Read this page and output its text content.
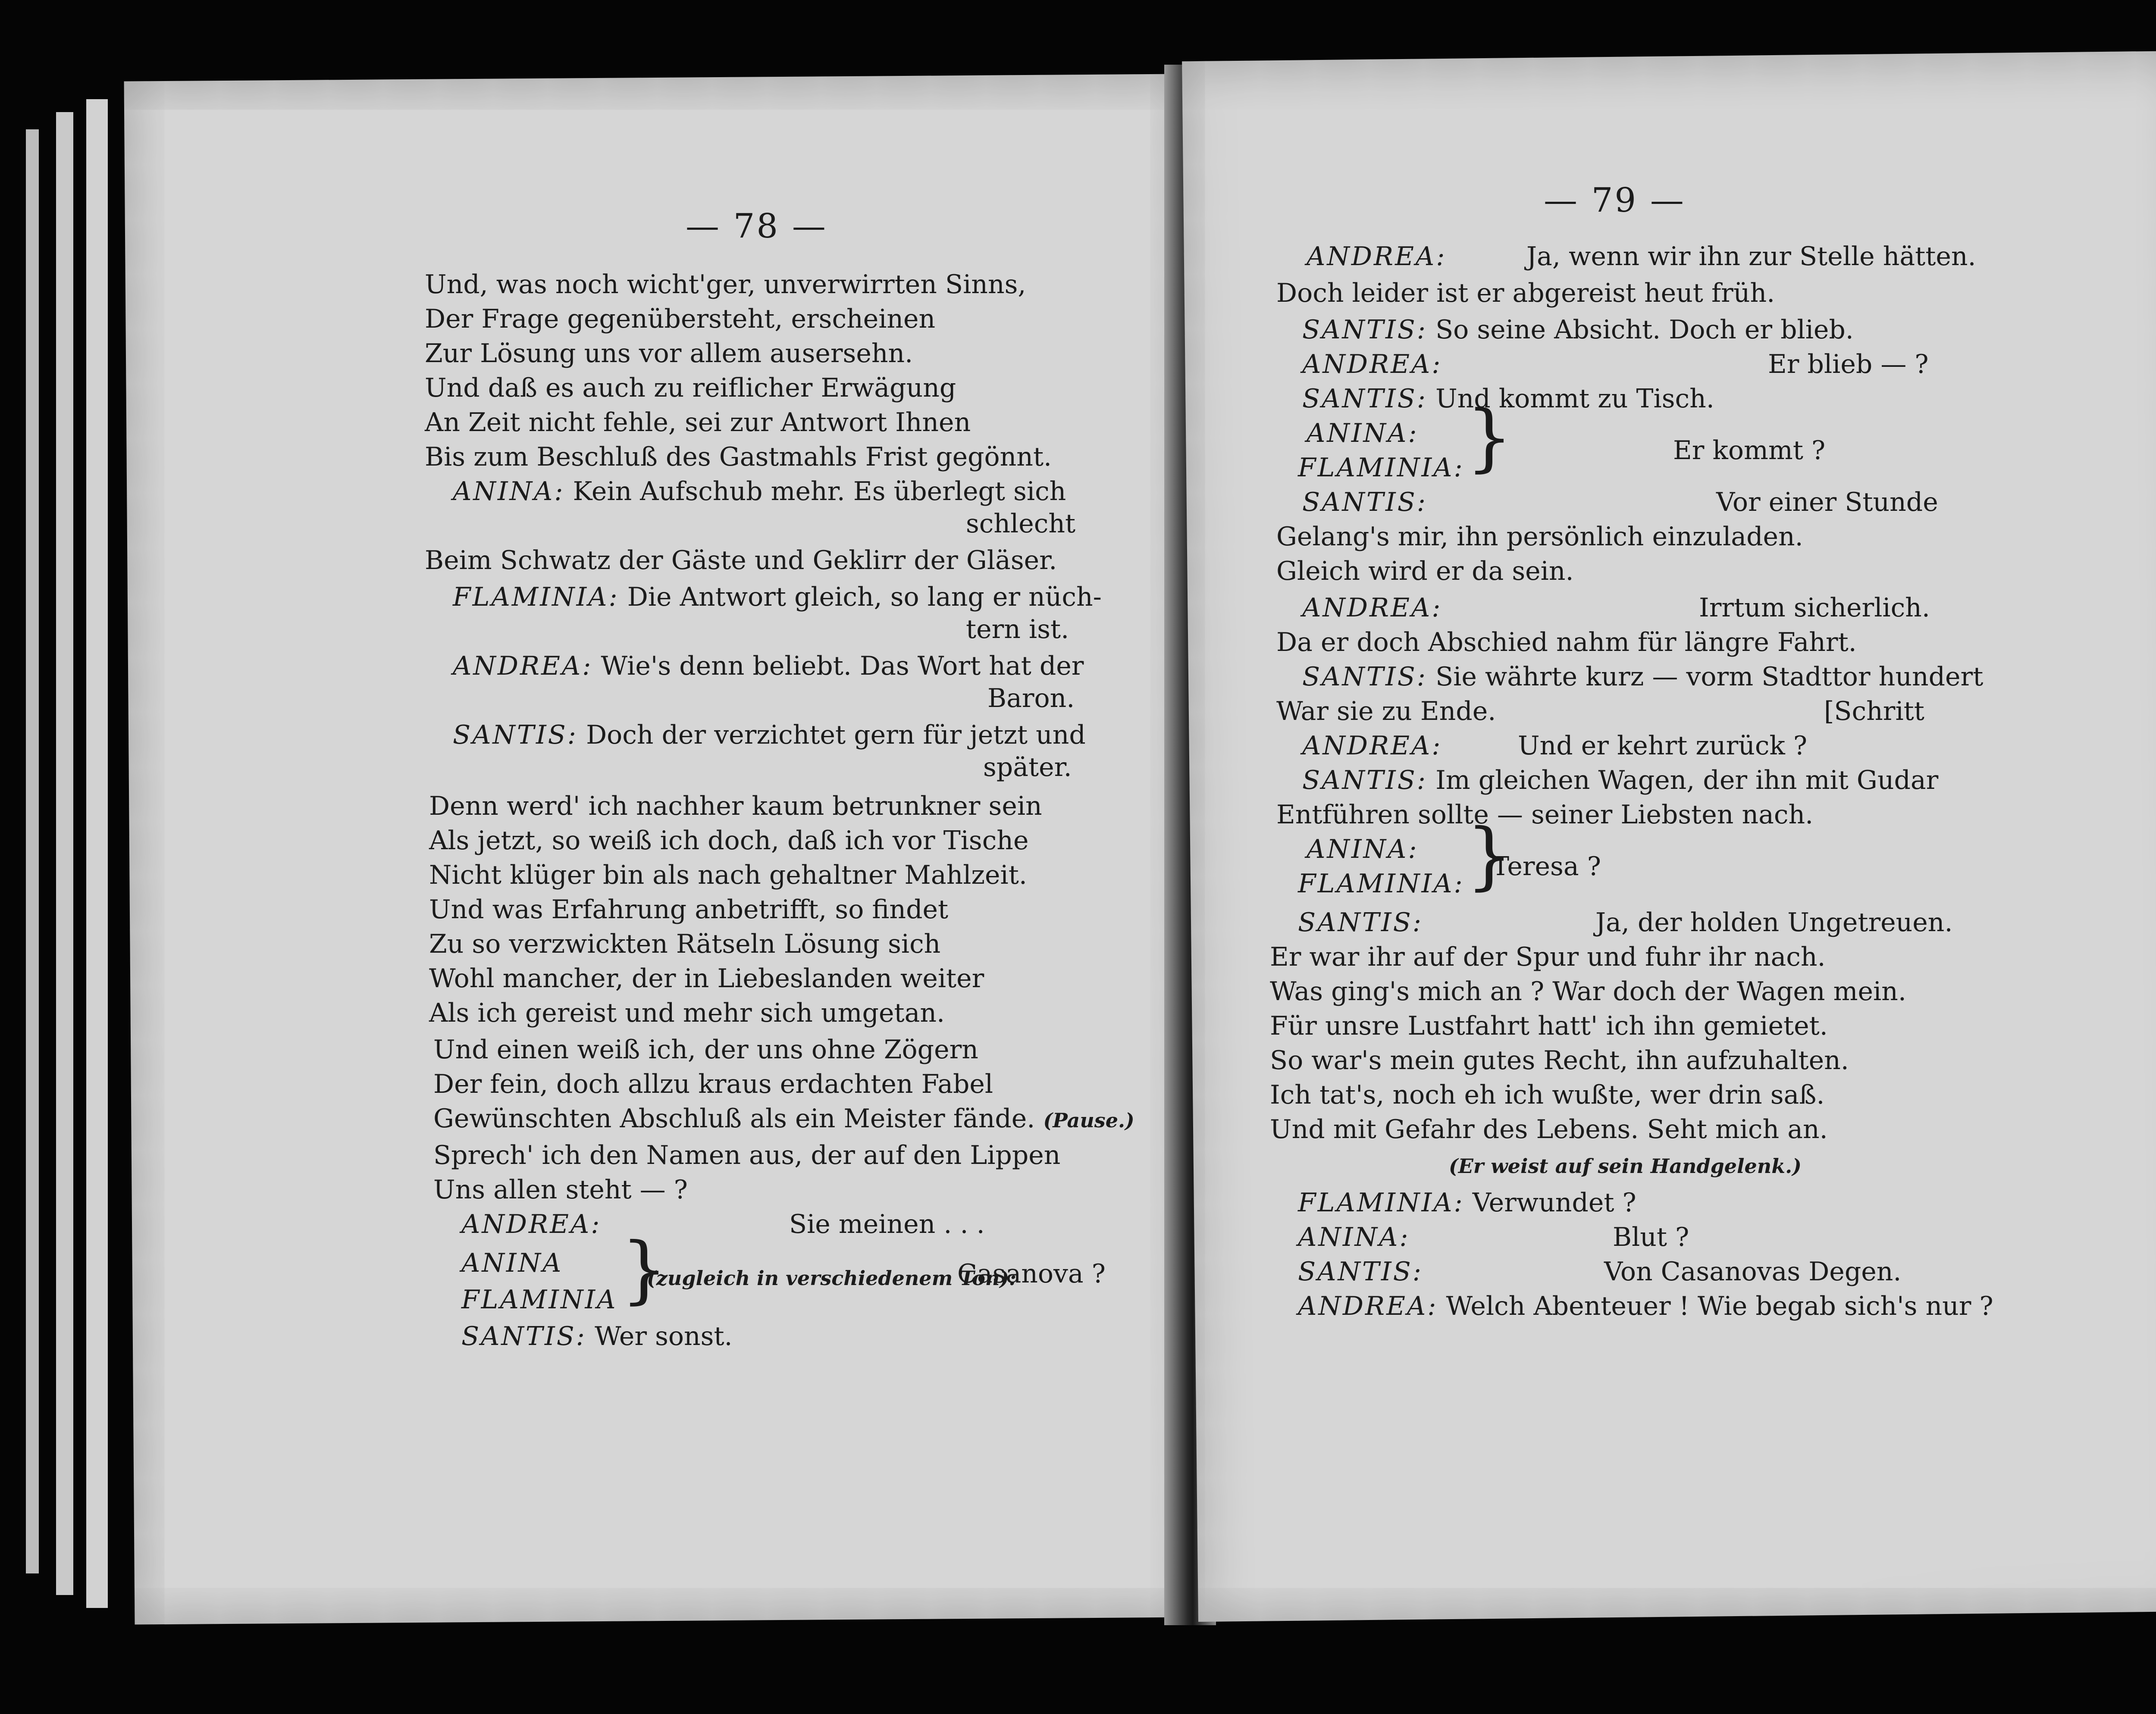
— 78 —
Und, was noch wicht'ger, unverwirrten Sinns,
Der Frage gegenübersteht, erscheinen
Zur Lösung uns vor allem ausersehn.
Und daß es auch zu reiflicher Erwägung
An Zeit nicht fehle, sei zur Antwort Ihnen
Bis zum Beschluß des Gastmahls Frist gegönnt.
ANINA: Kein Aufschub mehr. Es überlegt sich
schlecht
Beim Schwatz der Gäste und Geklirr der Gläser.
FLAMINIA: Die Antwort gleich, so lang er nüch-
tern ist.
ANDREA: Wie's denn beliebt. Das Wort hat der
Baron.
SANTIS: Doch der verzichtet gern für jetzt und
später.
Denn werd' ich nachher kaum betrunkner sein
Als jetzt, so weiß ich doch, daß ich vor Tische
Nicht klüger bin als nach gehaltner Mahlzeit.
Und was Erfahrung anbetrifft, so findet
Zu so verzwickten Rätseln Lösung sich
Wohl mancher, der in Liebeslanden weiter
Als ich gereist und mehr sich umgetan.
Und einen weiß ich, der uns ohne Zögern
Der fein, doch allzu kraus erdachten Fabel
Gewünschten Abschluß als ein Meister fände. (Pause.)
Sprech' ich den Namen aus, der auf den Lippen
Uns allen steht — ?
ANDREA:	Sie meinen . . .
ANINA
FLAMINIA }
(zugleich in verschiedenem Ton):
Casanova ?
SANTIS: Wer sonst.
— 79 —
ANDREA:	Ja, wenn wir ihn zur Stelle hätten.
Doch leider ist er abgereist heut früh.
SANTIS: So seine Absicht. Doch er blieb.
ANDREA:	Er blieb — ?
SANTIS: Und kommt zu Tisch.
ANINA:
FLAMINIA: }	Er kommt ?
SANTIS:	Vor einer Stunde
Gelang's mir, ihn persönlich einzuladen.
Gleich wird er da sein.
ANDREA:	Irrtum sicherlich.
Da er doch Abschied nahm für längre Fahrt.
SANTIS: Sie währte kurz — vorm Stadttor hundert
War sie zu Ende.	[Schritt
ANDREA:	Und er kehrt zurück ?
SANTIS: Im gleichen Wagen, der ihn mit Gudar
Entführen sollte — seiner Liebsten nach.
ANINA:
FLAMINIA: }
Teresa ?
SANTIS:	Ja, der holden Ungetreuen.
Er war ihr auf der Spur und fuhr ihr nach.
Was ging's mich an ? War doch der Wagen mein.
Für unsre Lustfahrt hatt' ich ihn gemietet.
So war's mein gutes Recht, ihn aufzuhalten.
Ich tat's, noch eh ich wußte, wer drin saß.
Und mit Gefahr des Lebens. Seht mich an.
(Er weist auf sein Handgelenk.)
FLAMINIA: Verwundet ?
ANINA:	Blut ?
SANTIS:	Von Casanovas Degen.
ANDREA: Welch Abenteuer ! Wie begab sich's nur ?
